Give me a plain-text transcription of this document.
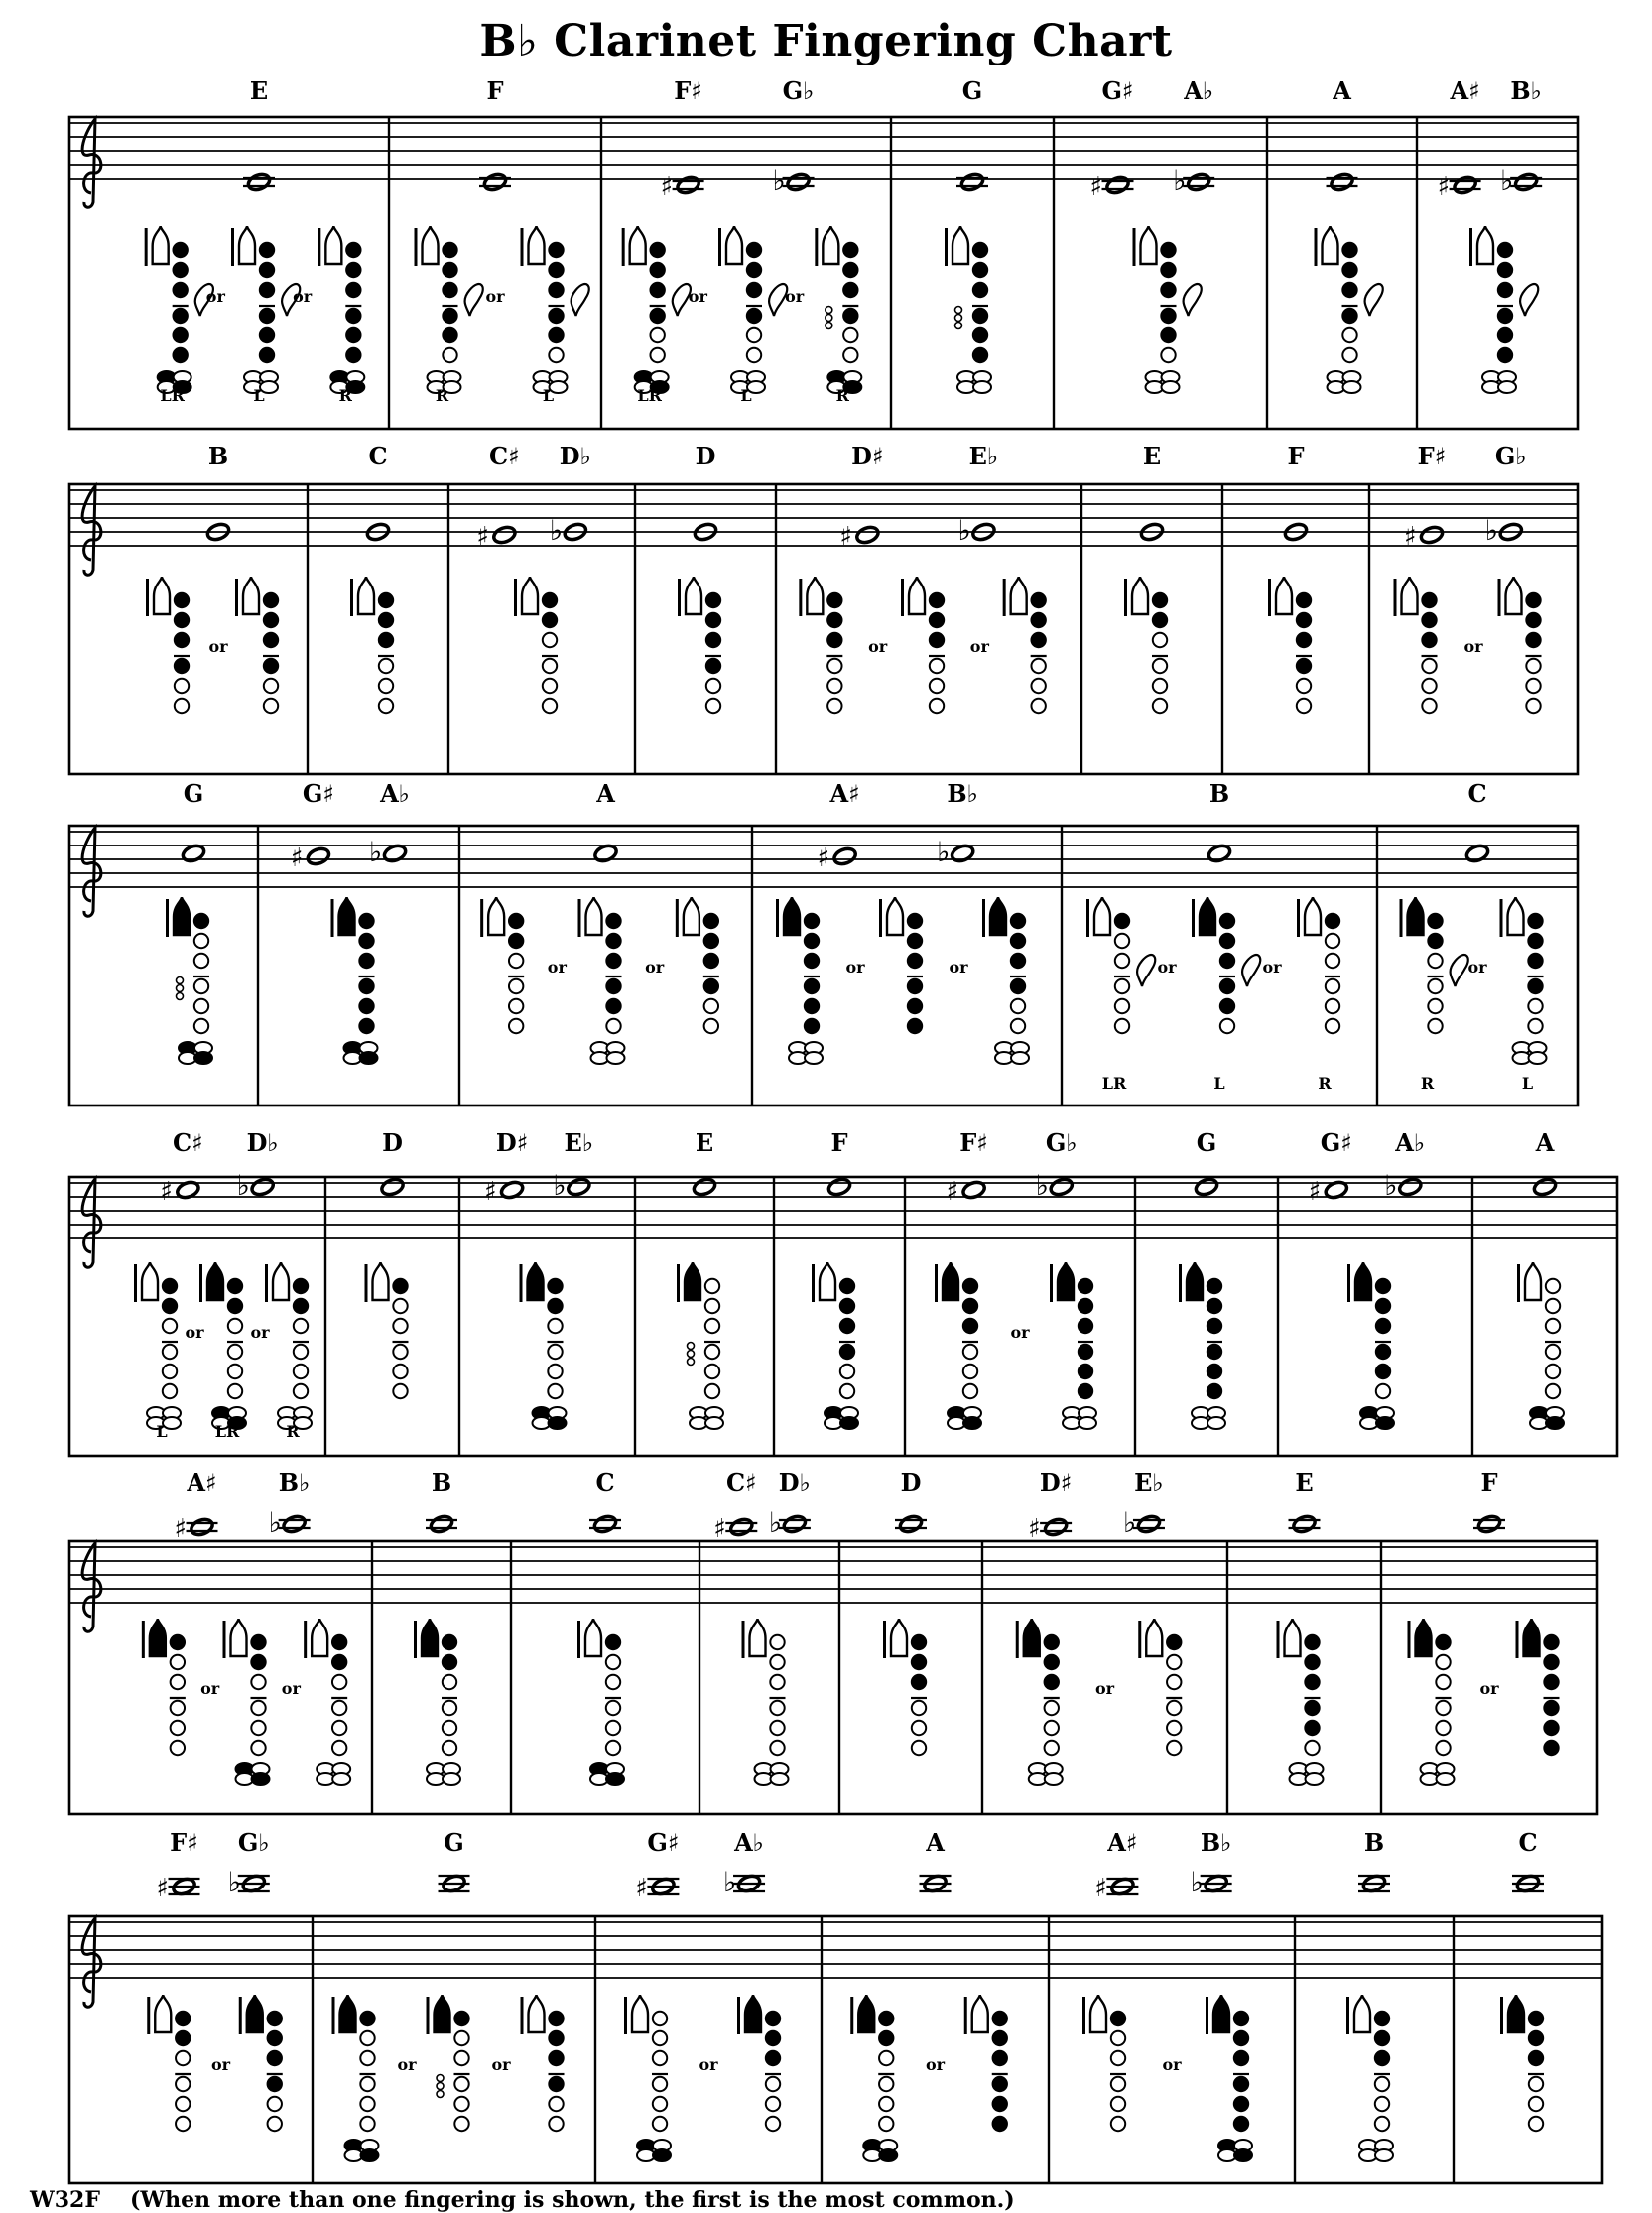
B♭ Clarinet Fingering Chart
E
or
LR
or
L	R
F
or
R	L
F♯	G♭
♯	♭
or
LR
or
L	R
G	G♯ A♭
♯	♭
A	A♯ B♭
♯ ♭
B
or
C	C♯ D♭
♯ ♭
D	D♯	E♭
♯	♭
or	or
E	F	F♯ G♭
♯ ♭
or
G	G♯ A♭
♯ ♭
A
or	or
A♯	B♭
♯	♭
or	or
B
or
LR
or
L	R
C
or
R	L
C♯ D♭
♯ ♭
or
L
or
LR	R
D	D♯ E♭
♯ ♭
E	F	F♯ G♭
♯	♭
or
G	G♯ A♭
♯ ♭
A
A♯	B♭
♯	♭
or	or
B	C	C♯ D♭
♯ ♭
D	D♯	E♭
♯	♭
or
E	F
or
F♯ G♭
♯ ♭
or
G
or	or
G♯ A♭
♯	♭
or
A
or
A♯	B♭
♯	♭
or
B	C
W32F (When more than one fingering is shown, the first is the most common.)
